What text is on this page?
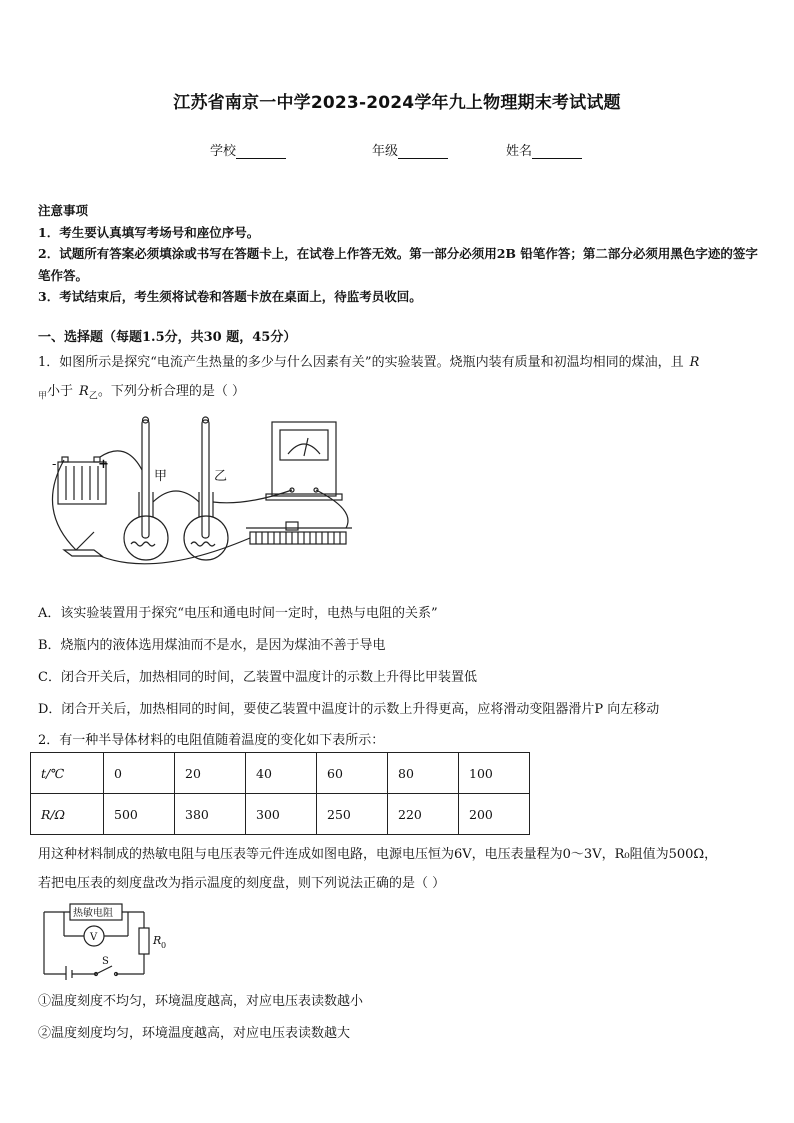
江苏省南京一中学2023-2024学年九上物理期末考试试题
学校	年级	姓名
注意事项
1．考生要认真填写考场号和座位序号。
2．试题所有答案必须填涂或书写在答题卡上，在试卷上作答无效。第一部分必须用2B 铅笔作答；第二部分必须用黑色字迹的签字笔作答。
3．考试结束后，考生须将试卷和答题卡放在桌面上，待监考员收回。
一、选择题（每题1.5分，共30 题，45分）
1．如图所示是探究“电流产生热量的多少与什么因素有关”的实验装置。烧瓶内装有质量和初温均相同的煤油，且 R
$_甲$小于 $R_乙$。下列分析合理的是（ ）
甲	乙
-	+
A．该实验装置用于探究“电压和通电时间一定时，电热与电阻的关系”
B．烧瓶内的液体选用煤油而不是水，是因为煤油不善于导电
C．闭合开关后，加热相同的时间，乙装置中温度计的示数上升得比甲装置低
D．闭合开关后，加热相同的时间，要使乙装置中温度计的示数上升得更高，应将滑动变阻器滑片P 向左移动
2．有一种半导体材料的电阻值随着温度的变化如下表所示：
t/℃	0	20	40	60	80	100
R/Ω	500	380	300	250	220	200
用这种材料制成的热敏电阻与电压表等元件连成如图电路，电源电压恒为6V，电压表量程为0～3V，R₀阻值为500Ω，
若把电压表的刻度盘改为指示温度的刻度盘，则下列说法正确的是（ ）
热敏电阻
V	R 0
S
①温度刻度不均匀，环境温度越高，对应电压表读数越小
②温度刻度均匀，环境温度越高，对应电压表读数越大
